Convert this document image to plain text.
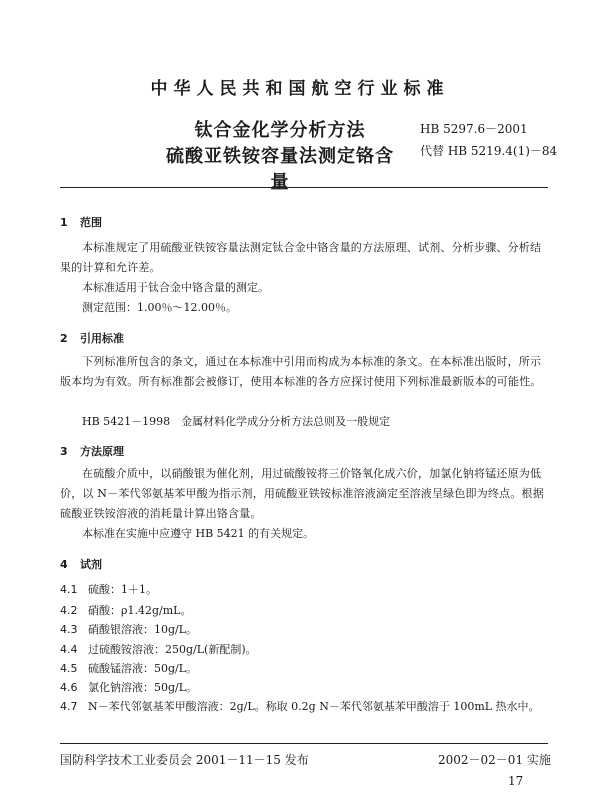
中华人民共和国航空行业标准
钛合金化学分析方法
硫酸亚铁铵容量法测定铬含量
HB 5297.6－2001
代替 HB 5219.4(1)－84
1 范围
本标准规定了用硫酸亚铁铵容量法测定钛合金中铬含量的方法原理、试剂、分析步骤、分析结果的计算和允许差。
本标准适用于钛合金中铬含量的测定。
测定范围：1.00％～12.00％。
2 引用标准
下列标准所包含的条文，通过在本标准中引用而构成为本标准的条文。在本标准出版时，所示版本均为有效。所有标准都会被修订，使用本标准的各方应探讨使用下列标准最新版本的可能性。
HB 5421－1998　金属材料化学成分分析方法总则及一般规定
3 方法原理
在硫酸介质中，以硝酸银为催化剂，用过硫酸铵将三价铬氧化成六价，加氯化钠将锰还原为低价，以 N－苯代邻氨基苯甲酸为指示剂，用硫酸亚铁铵标准溶液滴定至溶液呈绿色即为终点。根据硫酸亚铁铵溶液的消耗量计算出铬含量。
本标准在实施中应遵守 HB 5421 的有关规定。
4 试剂
4.1 硫酸：1＋1。
4.2 硝酸：ρ1.42g/mL。
4.3 硝酸银溶液：10g/L。
4.4 过硫酸铵溶液：250g/L(新配制)。
4.5 硫酸锰溶液：50g/L。
4.6 氯化钠溶液：50g/L。
4.7 N－苯代邻氨基苯甲酸溶液：2g/L。称取 0.2g N－苯代邻氨基苯甲酸溶于 100mL 热水中。
国防科学技术工业委员会 2001－11－15 发布	2002－02－01 实施
17
